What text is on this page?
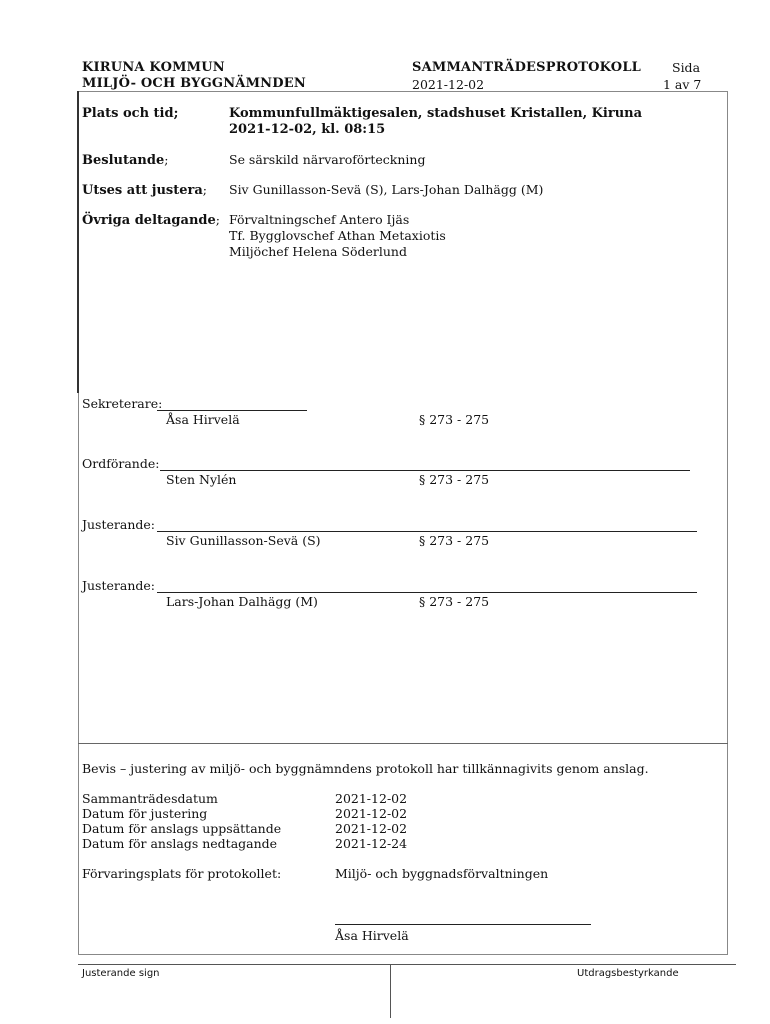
KIRUNA KOMMUN
MILJÖ- OCH BYGGNÄMNDEN
SAMMANTRÄDESPROTOKOLL
2021-12-02
Sida
1 av 7
Plats och tid;	Kommunfullmäktigesalen, stadshuset Kristallen, Kiruna
2021-12-02, kl. 08:15
Beslutande;	Se särskild närvaroförteckning
Utses att justera; Siv Gunillasson-Sevä (S), Lars-Johan Dalhägg (M)
Övriga deltagande; Förvaltningschef Antero Ijäs
Tf. Bygglovschef Athan Metaxiotis
Miljöchef Helena Söderlund
Sekreterare:
Åsa Hirvelä	§ 273 - 275
Ordförande:
Sten Nylén	§ 273 - 275
Justerande:
Siv Gunillasson-Sevä (S)	§ 273 - 275
Justerande:
Lars-Johan Dalhägg (M)	§ 273 - 275
Bevis – justering av miljö- och byggnämndens protokoll har tillkännagivits genom anslag.
Sammanträdesdatum	2021-12-02
Datum för justering	2021-12-02
Datum för anslags uppsättande	2021-12-02
Datum för anslags nedtagande	2021-12-24
Förvaringsplats för protokollet:	Miljö- och byggnadsförvaltningen
Åsa Hirvelä
Justerande sign	Utdragsbestyrkande
